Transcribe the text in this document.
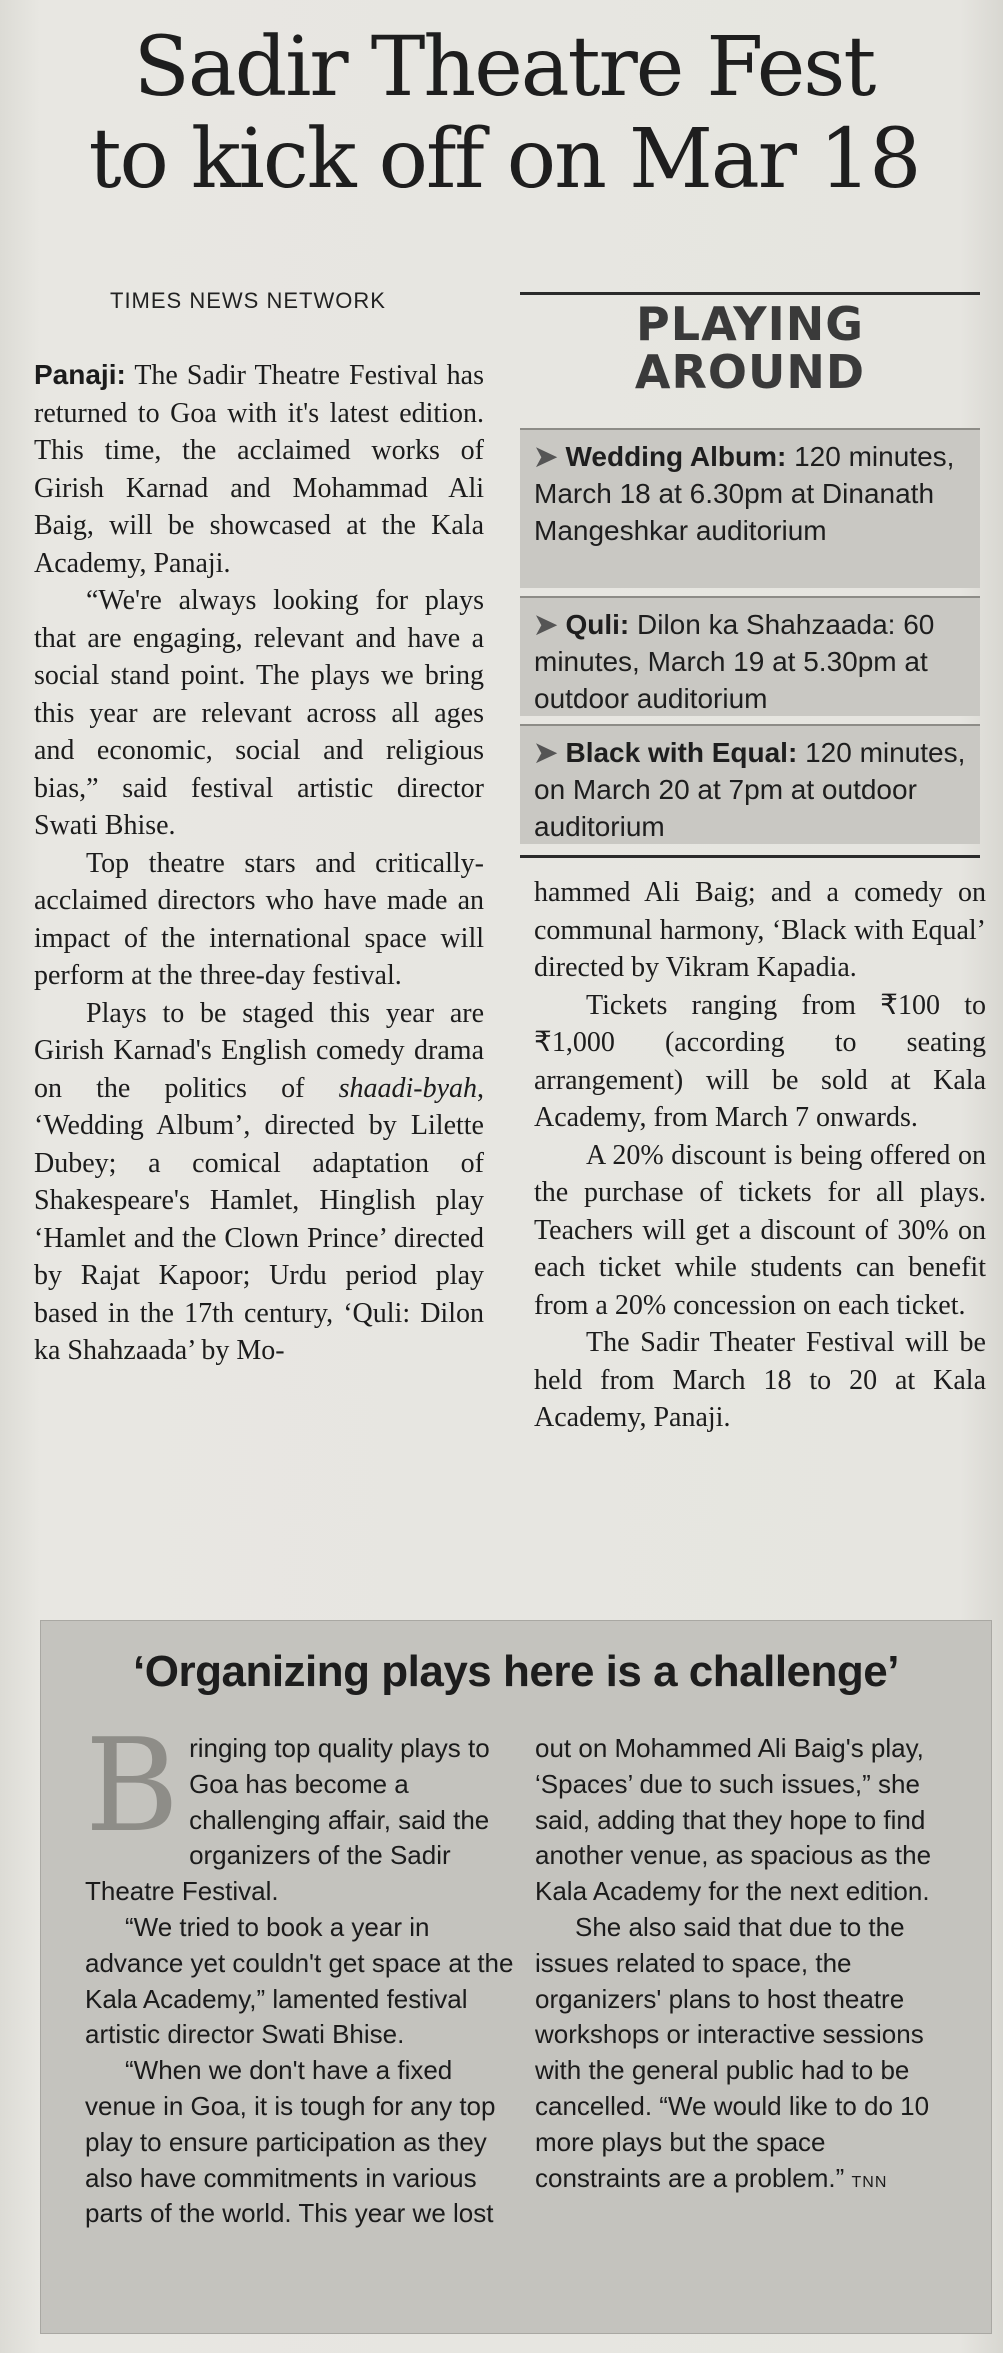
Sadir Theatre Fest
to kick off on Mar 18
TIMES NEWS NETWORK

Panaji: The Sadir Theatre Festival has returned to Goa with it's latest edition. This time, the acclaimed works of Girish Karnad and Mohammad Ali Baig, will be showcased at the Kala Academy, Panaji.

“We're always looking for plays that are engaging, relevant and have a social stand point. The plays we bring this year are relevant across all ages and economic, social and religious bias,” said festival artistic director Swati Bhise.

Top theatre stars and critically-acclaimed directors who have made an impact of the international space will perform at the three-day festival.

Plays to be staged this year are Girish Karnad's English comedy drama on the politics of shaadi-byah, ‘Wedding Album’, directed by Lilette Dubey; a comical adaptation of Shakespeare's Hamlet, Hinglish play ‘Hamlet and the Clown Prince’ directed by Rajat Kapoor; Urdu period play based in the 17th century, ‘Quli: Dilon ka Shahzaada’ by Mo-

PLAYING
AROUND
➤ Wedding Album: 120 minutes, March 18 at 6.30pm at Dinanath Mangeshkar auditorium
➤ Quli: Dilon ka Shahzaada: 60 minutes, March 19 at 5.30pm at outdoor auditorium
➤ Black with Equal: 120 minutes, on March 20 at 7pm at outdoor auditorium

hammed Ali Baig; and a comedy on communal harmony, ‘Black with Equal’ directed by Vikram Kapadia.

Tickets ranging from ₹100 to ₹1,000 (according to seating arrangement) will be sold at Kala Academy, from March 7 onwards.

A 20% discount is being offered on the purchase of tickets for all plays. Teachers will get a discount of 30% on each ticket while students can benefit from a 20% concession on each ticket.

The Sadir Theater Festival will be held from March 18 to 20 at Kala Academy, Panaji.

‘Organizing plays here is a challenge’

Bringing top quality plays to Goa has become a challenging affair, said the organizers of the Sadir Theatre Festival.

“We tried to book a year in advance yet couldn't get space at the Kala Academy,” lamented festival artistic director Swati Bhise.

“When we don't have a fixed venue in Goa, it is tough for any top play to ensure participation as they also have commitments in various parts of the world. This year we lost

out on Mohammed Ali Baig's play, ‘Spaces’ due to such issues,” she said, adding that they hope to find another venue, as spacious as the Kala Academy for the next edition.

She also said that due to the issues related to space, the organizers' plans to host theatre workshops or interactive sessions with the general public had to be cancelled. “We would like to do 10 more plays but the space constraints are a problem.” TNN
